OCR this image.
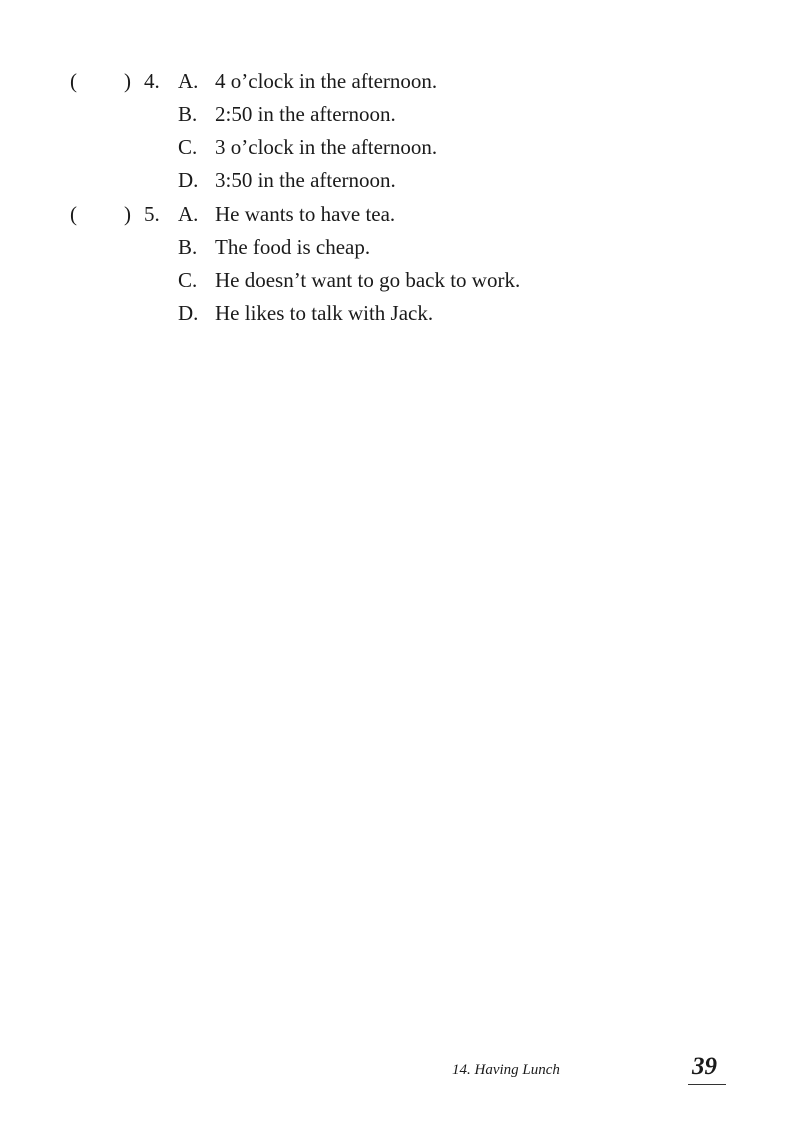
( ) 4. A. 4 o’clock in the afternoon.
B. 2:50 in the afternoon.
C. 3 o’clock in the afternoon.
D. 3:50 in the afternoon.
( ) 5. A. He wants to have tea.
B. The food is cheap.
C. He doesn’t want to go back to work.
D. He likes to talk with Jack.
14. Having Lunch	39
